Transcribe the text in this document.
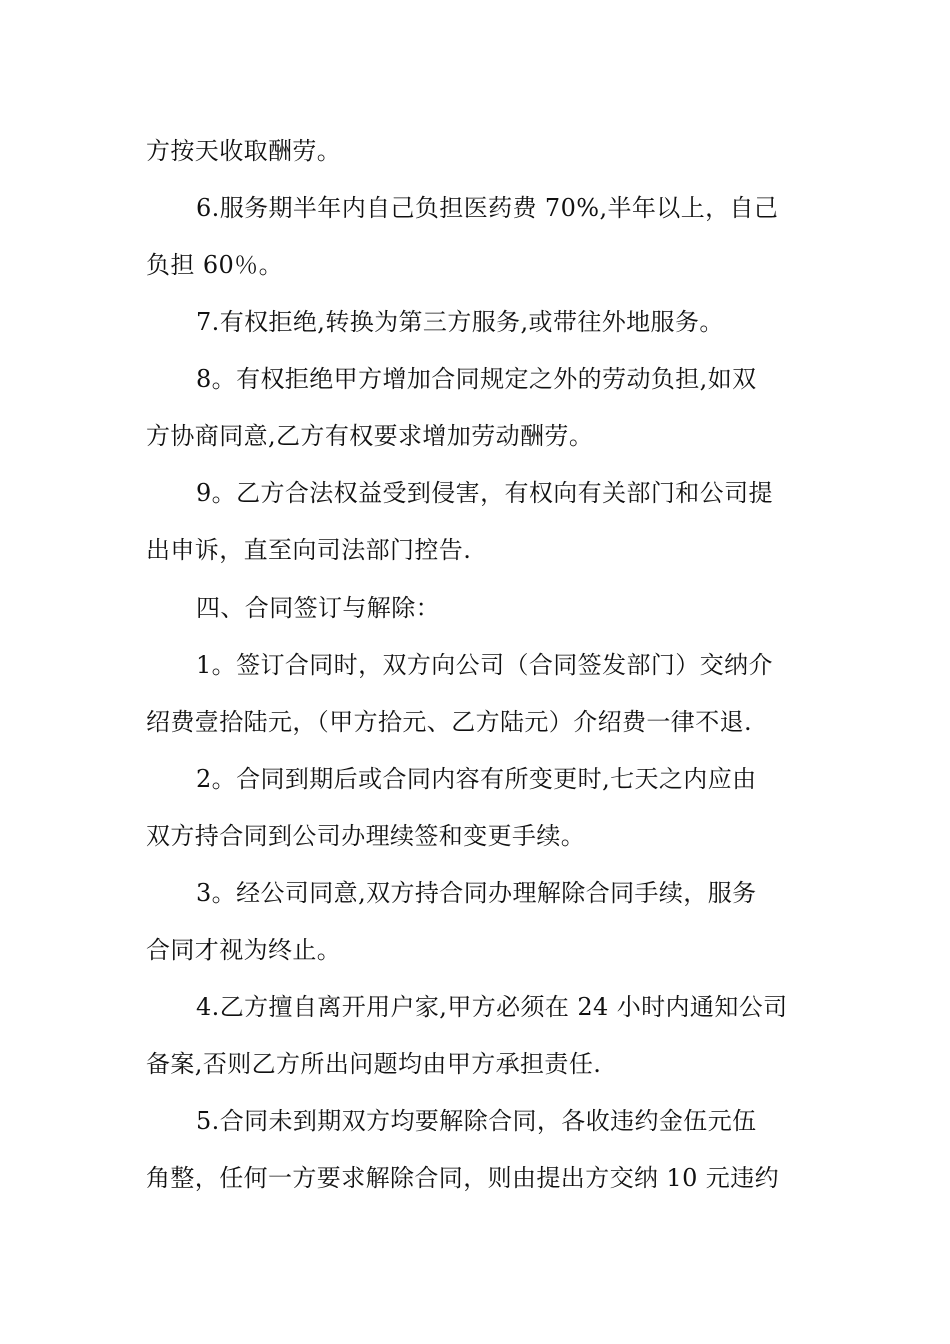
方按天收取酬劳。
6.服务期半年内自己负担医药费 70%,半年以上，自己
负担 60％。
7.有权拒绝,转换为第三方服务,或带往外地服务。
8。有权拒绝甲方增加合同规定之外的劳动负担,如双
方协商同意,乙方有权要求增加劳动酬劳。
9。乙方合法权益受到侵害，有权向有关部门和公司提
出申诉，直至向司法部门控告.
四、合同签订与解除：
1。签订合同时，双方向公司（合同签发部门）交纳介
绍费壹拾陆元，（甲方拾元、乙方陆元）介绍费一律不退.
2。合同到期后或合同内容有所变更时,七天之内应由
双方持合同到公司办理续签和变更手续。
3。经公司同意,双方持合同办理解除合同手续，服务
合同才视为终止。
4.乙方擅自离开用户家,甲方必须在 24 小时内通知公司
备案,否则乙方所出问题均由甲方承担责任.
5.合同未到期双方均要解除合同，各收违约金伍元伍
角整，任何一方要求解除合同，则由提出方交纳 10 元违约
